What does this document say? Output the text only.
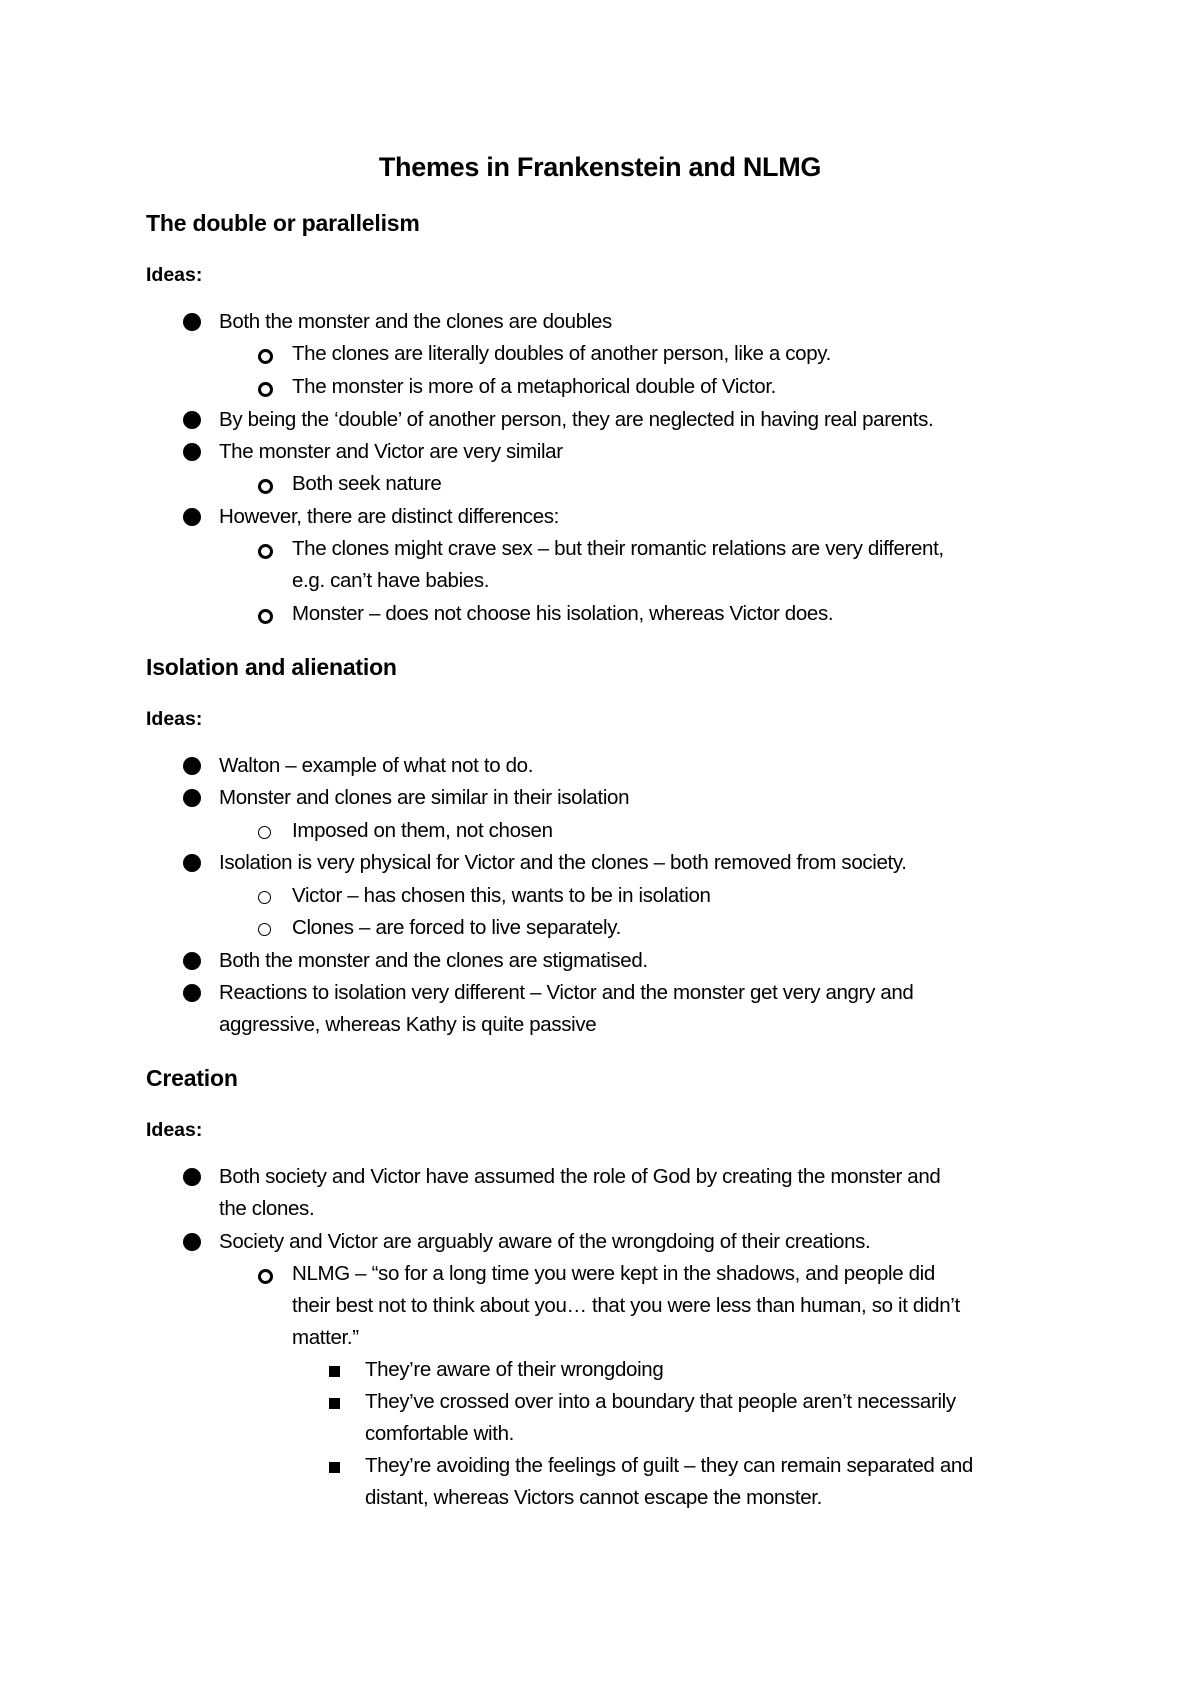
Themes in Frankenstein and NLMG
The double or parallelism
Ideas:
Both the monster and the clones are doubles
The clones are literally doubles of another person, like a copy.
The monster is more of a metaphorical double of Victor.
By being the ‘double’ of another person, they are neglected in having real parents.
The monster and Victor are very similar
Both seek nature
However, there are distinct differences:
The clones might crave sex – but their romantic relations are very different,
e.g. can’t have babies.
Monster – does not choose his isolation, whereas Victor does.
Isolation and alienation
Ideas:
Walton – example of what not to do.
Monster and clones are similar in their isolation
Imposed on them, not chosen
Isolation is very physical for Victor and the clones – both removed from society.
Victor – has chosen this, wants to be in isolation
Clones – are forced to live separately.
Both the monster and the clones are stigmatised.
Reactions to isolation very different – Victor and the monster get very angry and
aggressive, whereas Kathy is quite passive
Creation
Ideas:
Both society and Victor have assumed the role of God by creating the monster and
the clones.
Society and Victor are arguably aware of the wrongdoing of their creations.
NLMG – “so for a long time you were kept in the shadows, and people did
their best not to think about you… that you were less than human, so it didn’t
matter.”
They’re aware of their wrongdoing
They’ve crossed over into a boundary that people aren’t necessarily
comfortable with.
They’re avoiding the feelings of guilt – they can remain separated and
distant, whereas Victors cannot escape the monster.
